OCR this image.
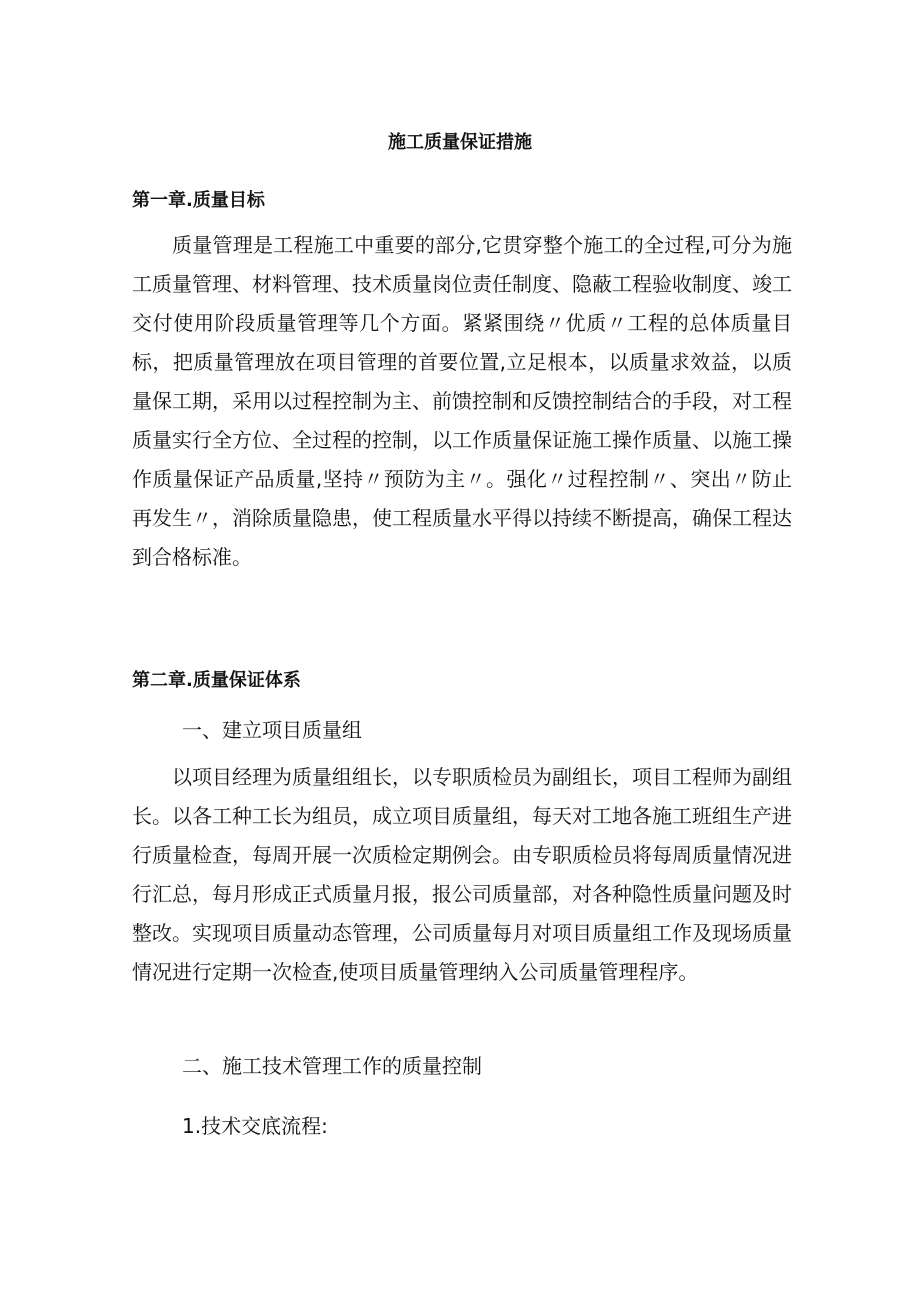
施工质量保证措施
第一章.质量目标

质量管理是工程施工中重要的部分,它贯穿整个施工的全过程,可分为施工质量管理、材料管理、技术质量岗位责任制度、隐蔽工程验收制度、竣工交付使用阶段质量管理等几个方面。紧紧围绕〃优质〃工程的总体质量目标，把质量管理放在项目管理的首要位置,立足根本，以质量求效益，以质量保工期，采用以过程控制为主、前馈控制和反馈控制结合的手段，对工程质量实行全方位、全过程的控制，以工作质量保证施工操作质量、以施工操作质量保证产品质量,坚持〃预防为主〃。强化〃过程控制〃、突出〃防止再发生〃，消除质量隐患，使工程质量水平得以持续不断提高，确保工程达到合格标准。

第二章.质量保证体系
一、建立项目质量组

以项目经理为质量组组长，以专职质检员为副组长，项目工程师为副组长。以各工种工长为组员，成立项目质量组，每天对工地各施工班组生产进行质量检查，每周开展一次质检定期例会。由专职质检员将每周质量情况进行汇总，每月形成正式质量月报，报公司质量部，对各种隐性质量问题及时整改。实现项目质量动态管理，公司质量每月对项目质量组工作及现场质量情况进行定期一次检查,使项目质量管理纳入公司质量管理程序。

二、施工技术管理工作的质量控制
1.技术交底流程:
